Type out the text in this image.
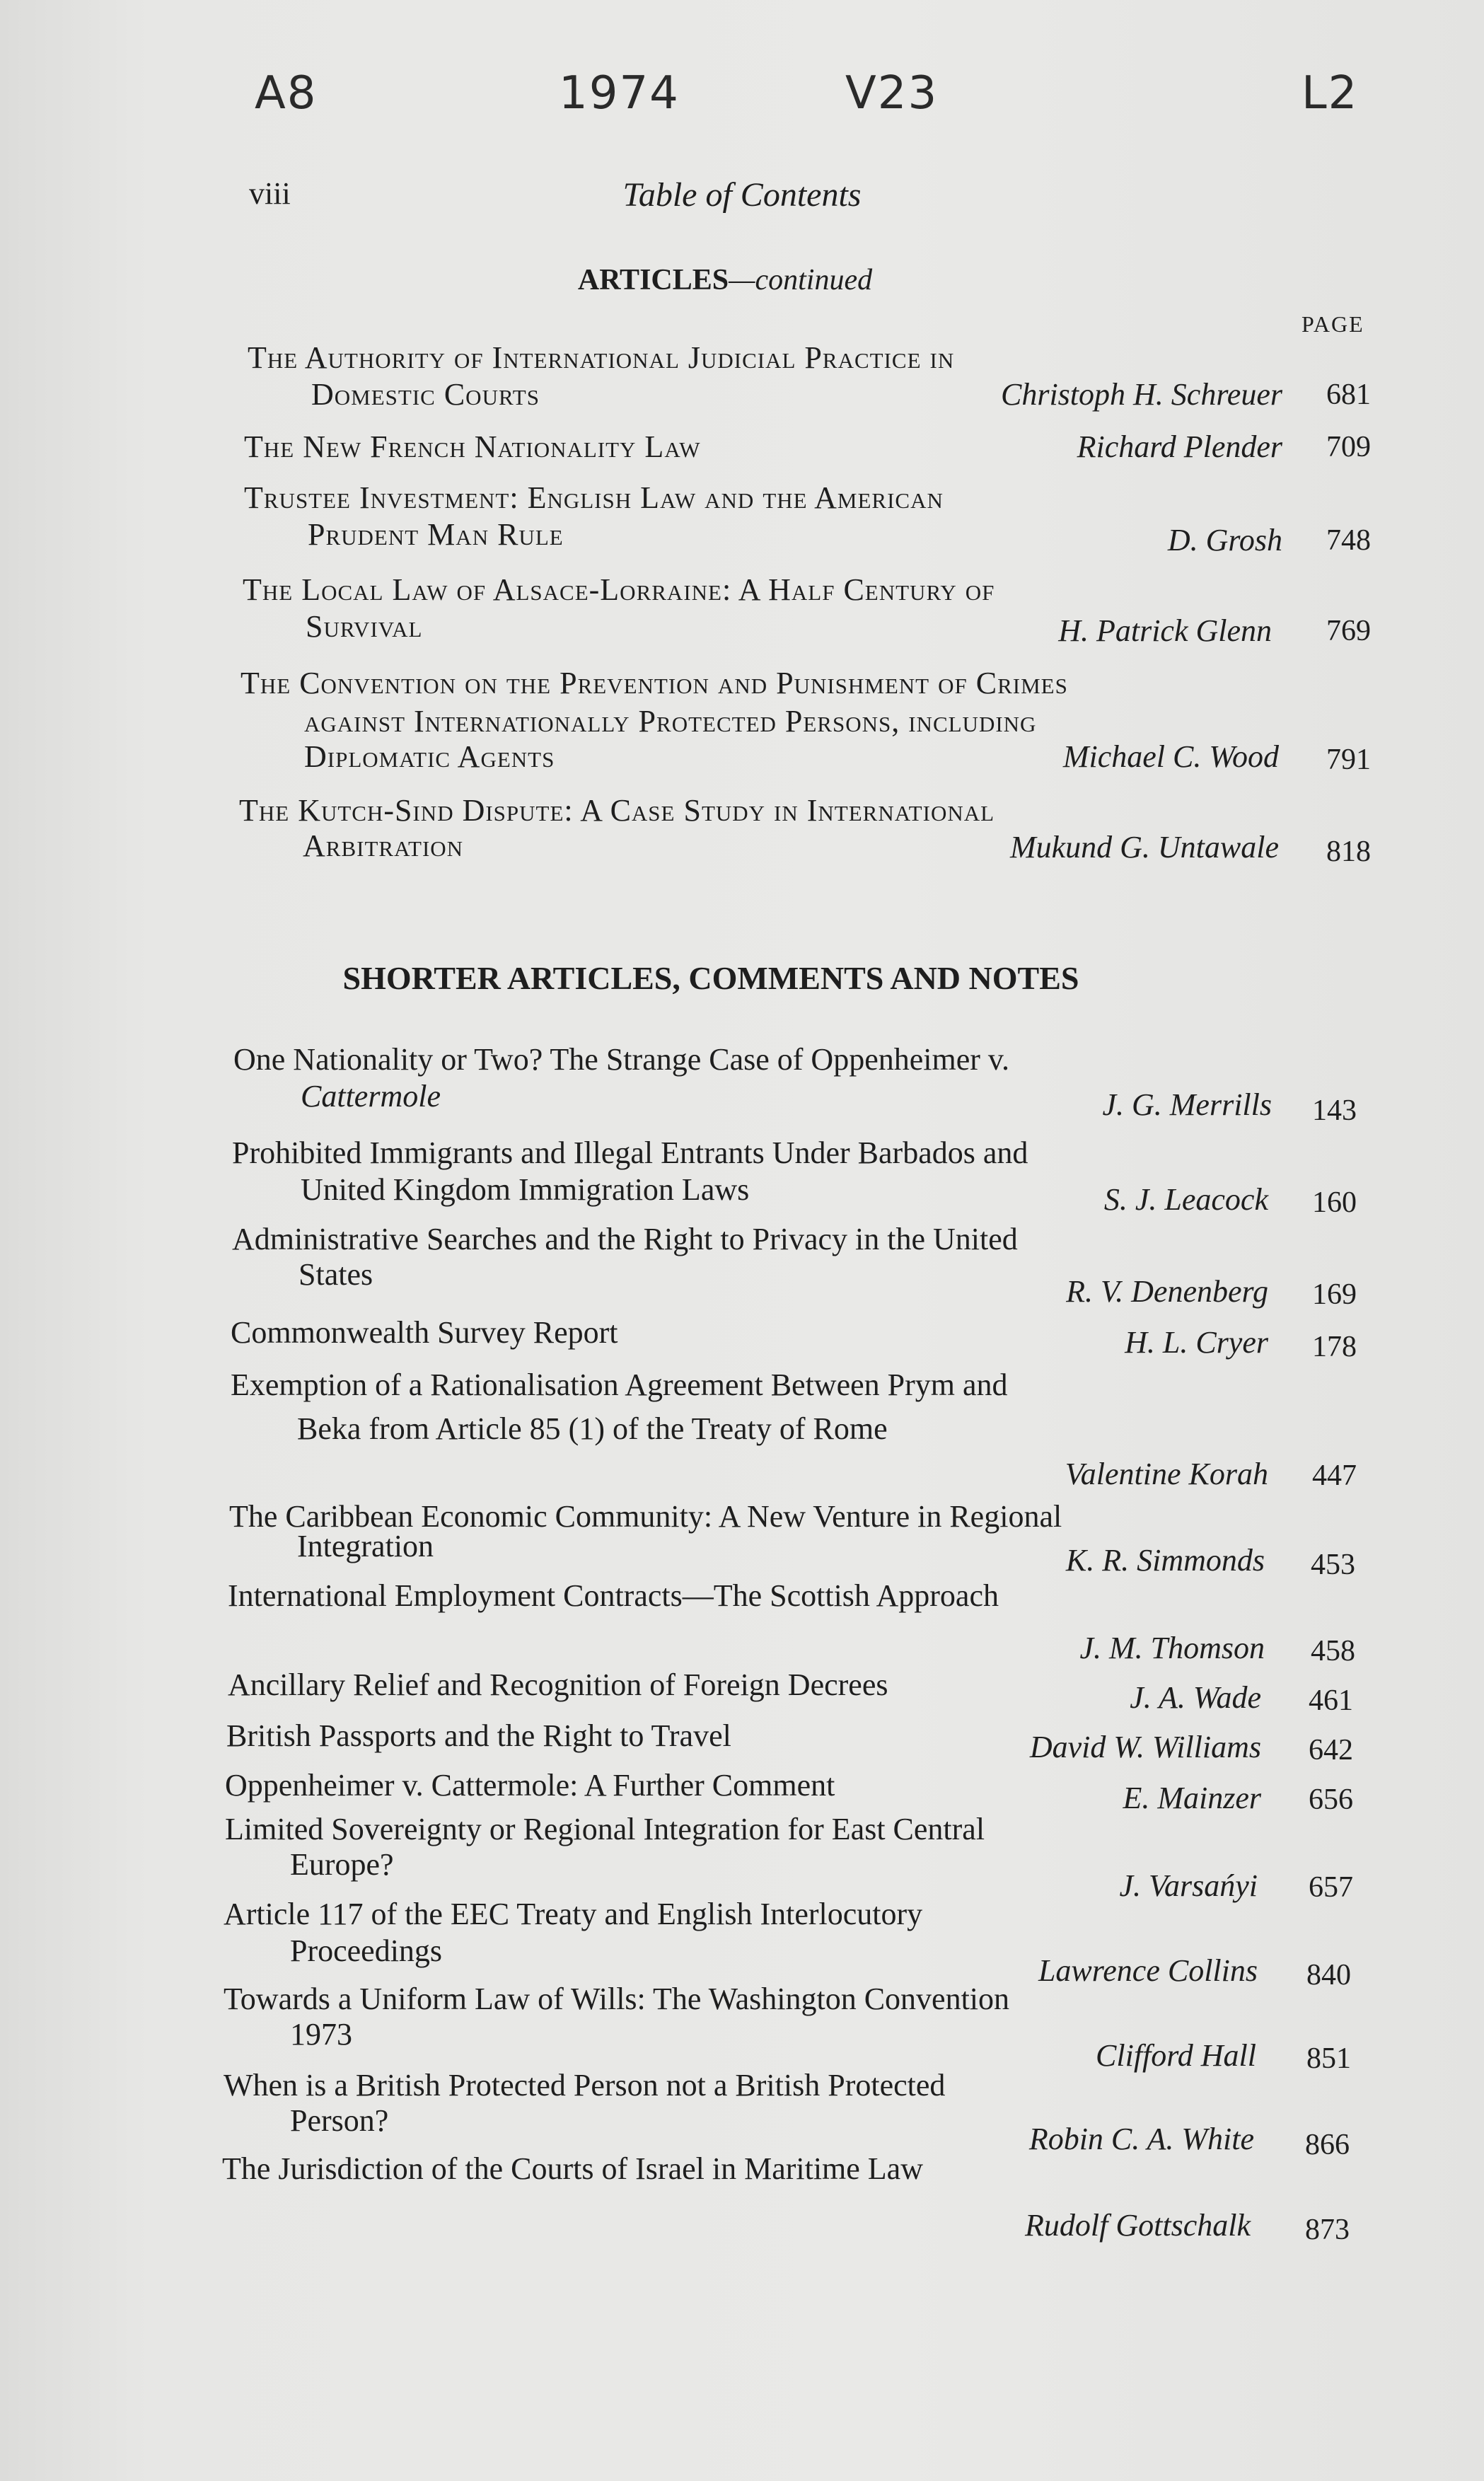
A8	1974	V23	L2
viii	Table of Contents
ARTICLES—continued
PAGE
The Authority of International Judicial Practice in
Domestic Courts	Christoph H. Schreuer 681
The New French Nationality Law	Richard Plender 709
Trustee Investment: English Law and the American
Prudent Man Rule	D. Grosh 748
The Local Law of Alsace-Lorraine: A Half Century of
Survival	H. Patrick Glenn 769
The Convention on the Prevention and Punishment of Crimes
against Internationally Protected Persons, including
Diplomatic Agents	Michael C. Wood 791
The Kutch-Sind Dispute: A Case Study in International
Arbitration	Mukund G. Untawale 818
SHORTER ARTICLES, COMMENTS AND NOTES
One Nationality or Two? The Strange Case of Oppenheimer v.
Cattermole	J. G. Merrills 143
Prohibited Immigrants and Illegal Entrants Under Barbados and
United Kingdom Immigration Laws	S. J. Leacock 160
Administrative Searches and the Right to Privacy in the United
States	R. V. Denenberg 169
Commonwealth Survey Report	H. L. Cryer 178
Exemption of a Rationalisation Agreement Between Prym and
Beka from Article 85 (1) of the Treaty of Rome
Valentine Korah 447
The Caribbean Economic Community: A New Venture in Regional
Integration	K. R. Simmonds 453
International Employment Contracts—The Scottish Approach
J. M. Thomson 458
Ancillary Relief and Recognition of Foreign Decrees	J. A. Wade 461
British Passports and the Right to Travel	David W. Williams 642
Oppenheimer v. Cattermole: A Further Comment	E. Mainzer 656
Limited Sovereignty or Regional Integration for East Central
Europe?
J. Varsańyi 657
Article 117 of the EEC Treaty and English Interlocutory
Proceedings
Lawrence Collins 840
Towards a Uniform Law of Wills: The Washington Convention
1973
Clifford Hall 851
When is a British Protected Person not a British Protected
Person?
Robin C. A. White 866
The Jurisdiction of the Courts of Israel in Maritime Law
Rudolf Gottschalk 873
